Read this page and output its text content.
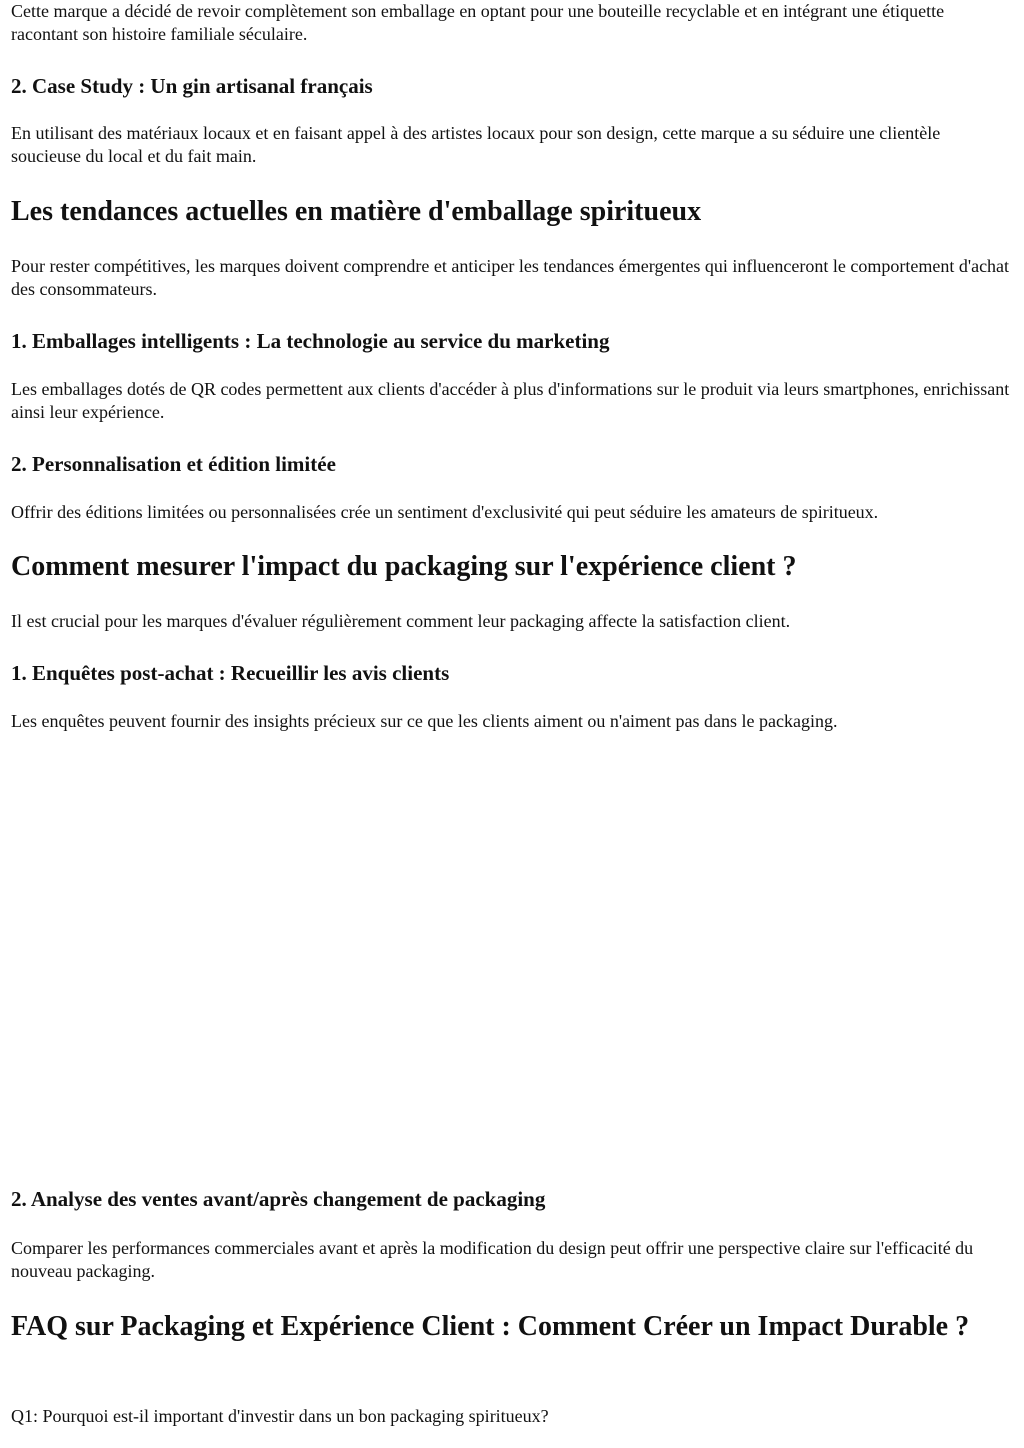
Cette marque a décidé de revoir complètement son emballage en optant pour une bouteille recyclable et en intégrant une étiquette racontant son histoire familiale séculaire.

2. Case Study : Un gin artisanal français

En utilisant des matériaux locaux et en faisant appel à des artistes locaux pour son design, cette marque a su séduire une clientèle soucieuse du local et du fait main.

Les tendances actuelles en matière d'emballage spiritueux

Pour rester compétitives, les marques doivent comprendre et anticiper les tendances émergentes qui influenceront le comportement d'achat des consommateurs.

1. Emballages intelligents : La technologie au service du marketing

Les emballages dotés de QR codes permettent aux clients d'accéder à plus d'informations sur le produit via leurs smartphones, enrichissant ainsi leur expérience.

2. Personnalisation et édition limitée

Offrir des éditions limitées ou personnalisées crée un sentiment d'exclusivité qui peut séduire les amateurs de spiritueux.

Comment mesurer l'impact du packaging sur l'expérience client ?

Il est crucial pour les marques d'évaluer régulièrement comment leur packaging affecte la satisfaction client.

1. Enquêtes post-achat : Recueillir les avis clients

Les enquêtes peuvent fournir des insights précieux sur ce que les clients aiment ou n'aiment pas dans le packaging.

2. Analyse des ventes avant/après changement de packaging

Comparer les performances commerciales avant et après la modification du design peut offrir une perspective claire sur l'efficacité du nouveau packaging.

FAQ sur Packaging et Expérience Client : Comment Créer un Impact Durable ?

Q1: Pourquoi est-il important d'investir dans un bon packaging spiritueux?
